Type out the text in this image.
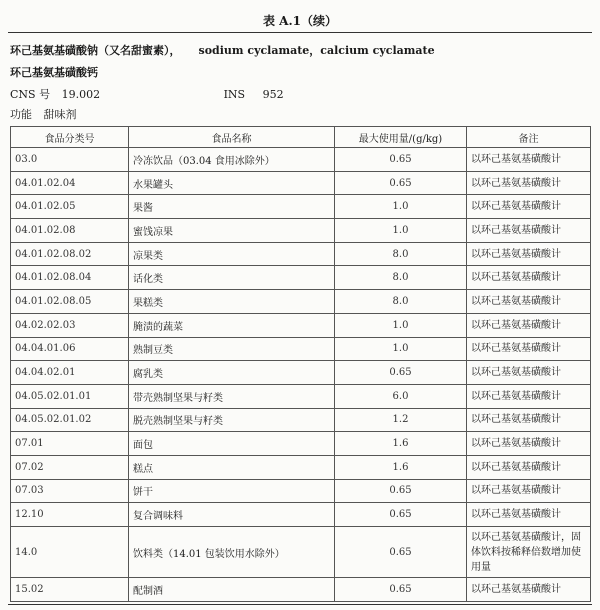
表 A.1（续）
环己基氨基磺酸钠（又名甜蜜素）， sodium cyclamate，calcium cyclamate
环己基氨基磺酸钙
CNS 号 19.002	INS 952
功能 甜味剂
食品分类号	食品名称	最大使用量/(g/kg)	备注
03.0	冷冻饮品（03.04 食用冰除外）	0.65	以环己基氨基磺酸计
04.01.02.04	水果罐头	0.65	以环己基氨基磺酸计
04.01.02.05	果酱	1.0	以环己基氨基磺酸计
04.01.02.08	蜜饯凉果	1.0	以环己基氨基磺酸计
04.01.02.08.02	凉果类	8.0	以环己基氨基磺酸计
04.01.02.08.04	话化类	8.0	以环己基氨基磺酸计
04.01.02.08.05	果糕类	8.0	以环己基氨基磺酸计
04.02.02.03	腌渍的蔬菜	1.0	以环己基氨基磺酸计
04.04.01.06	熟制豆类	1.0	以环己基氨基磺酸计
04.04.02.01	腐乳类	0.65	以环己基氨基磺酸计
04.05.02.01.01	带壳熟制坚果与籽类	6.0	以环己基氨基磺酸计
04.05.02.01.02	脱壳熟制坚果与籽类	1.2	以环己基氨基磺酸计
07.01	面包	1.6	以环己基氨基磺酸计
07.02	糕点	1.6	以环己基氨基磺酸计
07.03	饼干	0.65	以环己基氨基磺酸计
12.10	复合调味料	0.65	以环己基氨基磺酸计
14.0	饮料类（14.01 包装饮用水除外）	0.65	以环己基氨基磺酸计，固体饮料按稀释倍数增加使用量
15.02	配制酒	0.65	以环己基氨基磺酸计
